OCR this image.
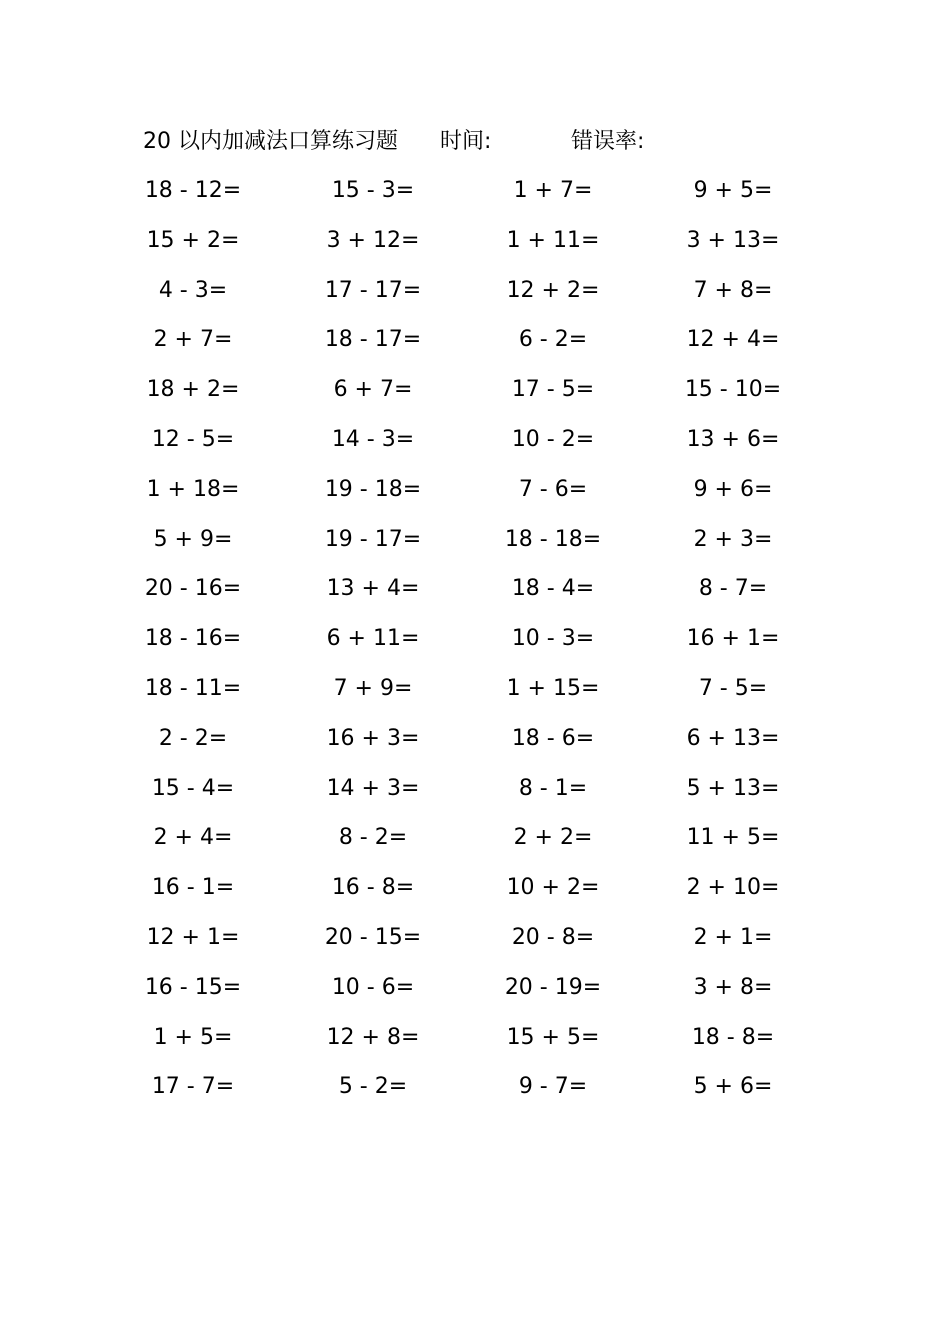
20 以内加减法口算练习题 时间:	错误率:
18 - 12=	15 - 3=	1 + 7=	9 + 5=
15 + 2=	3 + 12=	1 + 11=	3 + 13=
4 - 3=	17 - 17=	12 + 2=	7 + 8=
2 + 7=	18 - 17=	6 - 2=	12 + 4=
18 + 2=	6 + 7=	17 - 5=	15 - 10=
12 - 5=	14 - 3=	10 - 2=	13 + 6=
1 + 18=	19 - 18=	7 - 6=	9 + 6=
5 + 9=	19 - 17=	18 - 18=	2 + 3=
20 - 16=	13 + 4=	18 - 4=	8 - 7=
18 - 16=	6 + 11=	10 - 3=	16 + 1=
18 - 11=	7 + 9=	1 + 15=	7 - 5=
2 - 2=	16 + 3=	18 - 6=	6 + 13=
15 - 4=	14 + 3=	8 - 1=	5 + 13=
2 + 4=	8 - 2=	2 + 2=	11 + 5=
16 - 1=	16 - 8=	10 + 2=	2 + 10=
12 + 1=	20 - 15=	20 - 8=	2 + 1=
16 - 15=	10 - 6=	20 - 19=	3 + 8=
1 + 5=	12 + 8=	15 + 5=	18 - 8=
17 - 7=	5 - 2=	9 - 7=	5 + 6=
